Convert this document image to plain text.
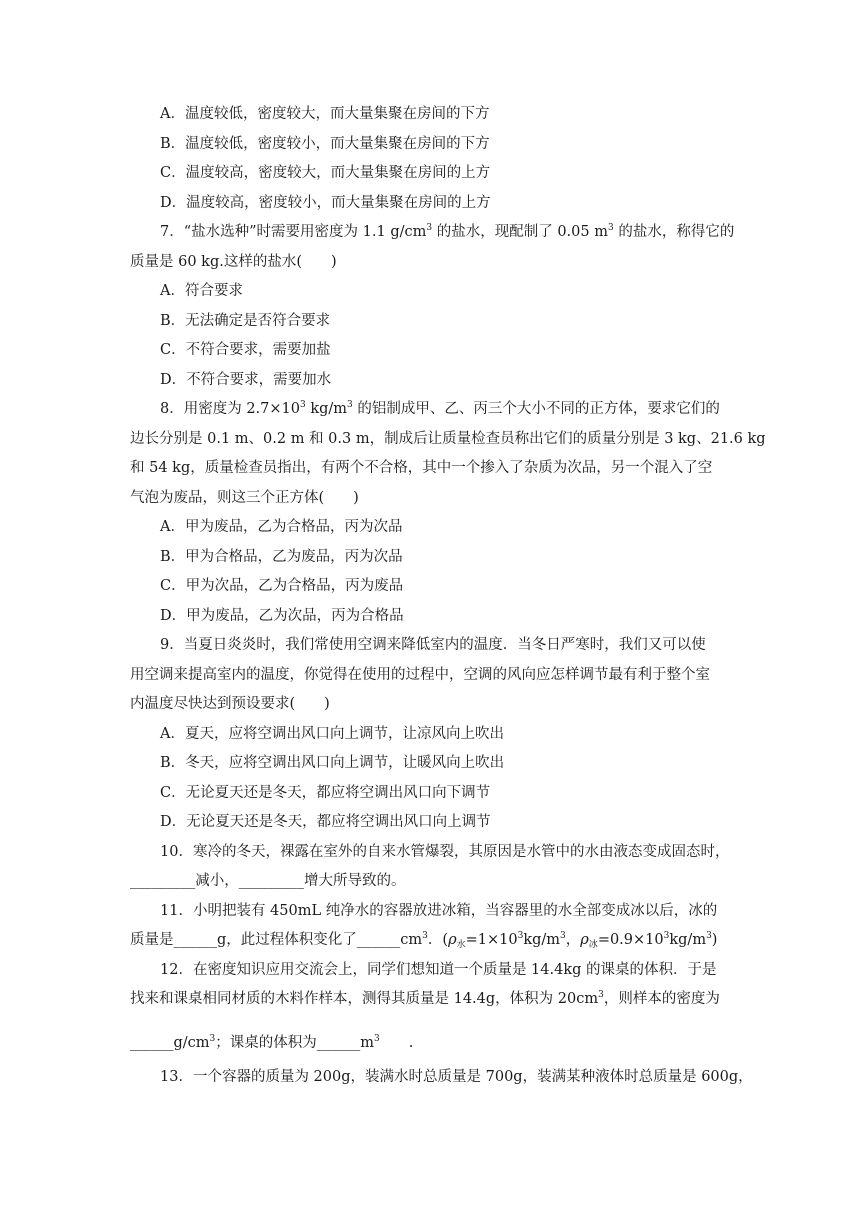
A．温度较低，密度较大，而大量集聚在房间的下方
B．温度较低，密度较小，而大量集聚在房间的下方
C．温度较高，密度较大，而大量集聚在房间的上方
D．温度较高，密度较小，而大量集聚在房间的上方
7．“盐水选种”时需要用密度为 1.1 $g/cm^3$ 的盐水，现配制了 0.05 $m^3$ 的盐水，称得它的
质量是 60 kg.这样的盐水(　　)
A．符合要求
B．无法确定是否符合要求
C．不符合要求，需要加盐
D．不符合要求，需要加水
8．用密度为 $2.7\times 10^3$ $kg/m^3$ 的铝制成甲、乙、丙三个大小不同的正方体，要求它们的
边长分别是 0.1 m、0.2 m 和 0.3 m，制成后让质量检查员称出它们的质量分别是 3 kg、21.6 kg
和 54 kg，质量检查员指出，有两个不合格，其中一个掺入了杂质为次品，另一个混入了空
气泡为废品，则这三个正方体(　　)
A．甲为废品，乙为合格品，丙为次品
B．甲为合格品，乙为废品，丙为次品
C．甲为次品，乙为合格品，丙为废品
D．甲为废品，乙为次品，丙为合格品
9．当夏日炎炎时，我们常使用空调来降低室内的温度．当冬日严寒时，我们又可以使
用空调来提高室内的温度，你觉得在使用的过程中，空调的风向应怎样调节最有利于整个室
内温度尽快达到预设要求(　　)
A．夏天，应将空调出风口向上调节，让凉风向上吹出
B．冬天，应将空调出风口向上调节，让暖风向上吹出
C．无论夏天还是冬天，都应将空调出风口向下调节
D．无论夏天还是冬天，都应将空调出风口向上调节
10．寒冷的冬天，裸露在室外的自来水管爆裂，其原因是水管中的水由液态变成固态时，
_________减小，_________增大所导致的。
11．小明把装有 450mL 纯净水的容器放进冰箱，当容器里的水全部变成冰以后，冰的
质量是______g，此过程体积变化了$\_\_\_\_\_\_cm^3$．($\rho_水=1\times 10^3kg/m^3$，$\rho_冰=0.9\times 10^3kg/m^3$)
12．在密度知识应用交流会上，同学们想知道一个质量是 14.4kg 的课桌的体积．于是
找来和课桌相同材质的木料作样本，测得其质量是 14.4g，体积为 $20cm^3$，则样本的密度为
$\_\_\_\_\_\_g/cm^3$；课桌的体积为$\_\_\_\_\_\_m^3$　　.
13．一个容器的质量为 200g，装满水时总质量是 700g，装满某种液体时总质量是 600g，
